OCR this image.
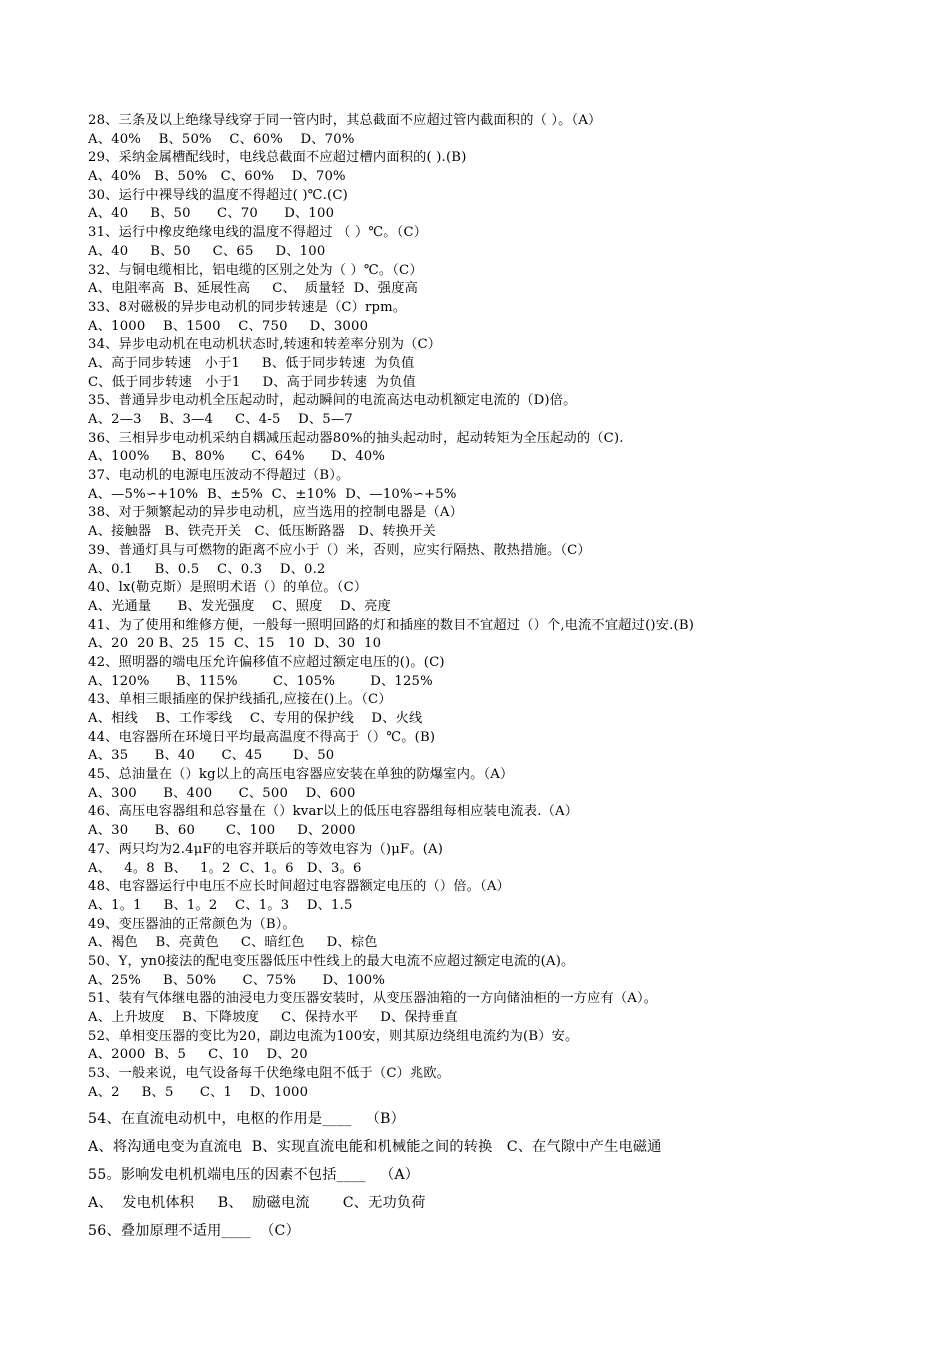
28、三条及以上绝缘导线穿于同一管内时，其总截面不应超过管内截面积的（ ）。（A）
A、40%    B、50%    C、60%    D、70%
29、采纳金属槽配线时，电线总截面不应超过槽内面积的( ).(B)
A、40%   B、50%   C、60%    D、70%
30、运行中裸导线的温度不得超过( )℃.(C)
A、40     B、50      C、70      D、100
31、运行中橡皮绝缘电线的温度不得超过 （ ）℃。（C）
A、40     B、50     C、65     D、100
32、与铜电缆相比，铝电缆的区别之处为（ ）℃。（C）
A、电阻率高  B、延展性高     C、  质量轻  D、强度高
33、8对磁极的异步电动机的同步转速是（C）rpm。
A、1000    B、1500    C、750     D、3000
34、异步电动机在电动机状态时,转速和转差率分别为（C）
A、高于同步转速   小于1     B、低于同步转速  为负值
C、低于同步转速   小于1     D、高于同步转速  为负值
35、普通异步电动机全压起动时，起动瞬间的电流高达电动机额定电流的（D)倍。
A、2—3    B、3—4     C、4-5    D、5—7
36、三相异步电动机采纳自耦减压起动器80%的抽头起动时，起动转矩为全压起动的（C).
A、100%     B、80%      C、64%      D、40%
37、电动机的电源电压波动不得超过（B）。
A、—5%∽+10%  B、±5%  C、±10%  D、—10%∽+5%
38、对于频繁起动的异步电动机，应当选用的控制电器是（A）
A、接触器   B、铁壳开关   C、低压断路器   D、转换开关
39、普通灯具与可燃物的距离不应小于（）米，否则，应实行隔热、散热措施。（C）
A、0.1     B、0.5    C、0.3    D、0.2
40、lx(勒克斯）是照明术语（）的单位。（C）
A、光通量      B、发光强度    C、照度    D、亮度
41、为了使用和维修方便，一般每一照明回路的灯和插座的数目不宜超过（）个,电流不宜超过()安.(B)
A、20  20 B、25  15  C、15   10  D、30  10
42、照明器的端电压允许偏移值不应超过额定电压的()。(C)
A、120%      B、115%        C、105%        D、125%
43、单相三眼插座的保护线插孔,应接在()上。（C）
A、相线    B、工作零线    C、专用的保护线    D、火线
44、电容器所在环境日平均最高温度不得高于（）℃。(B)
A、35      B、40      C、45       D、50
45、总油量在（）kg以上的高压电容器应安装在单独的防爆室内。（A）
A、300      B、400      C、500    D、600
46、高压电容器组和总容量在（）kvar以上的低压电容器组每相应装电流表.（A）
A、30      B、60       C、100     D、2000
47、两只均为2.4μF的电容并联后的等效电容为（)μF。(A)
A、   4。8  B、   1。2  C、1。6   D、3。6
48、电容器运行中电压不应长时间超过电容器额定电压的（）倍。（A）
A、1。1     B、1。2    C、1。3    D、1.5
49、变压器油的正常颜色为（B）。
A、褐色    B、亮黄色     C、暗红色     D、棕色
50、Y，yn0接法的配电变压器低压中性线上的最大电流不应超过额定电流的(A)。
A、25%     B、50%      C、75%      D、100%
51、装有气体继电器的油浸电力变压器安装时，从变压器油箱的一方向储油柜的一方应有（A）。
A、上升坡度    B、下降坡度     C、保持水平     D、保持垂直
52、单相变压器的变比为20，副边电流为100安，则其原边绕组电流约为(B）安。
A、2000  B、5     C、10    D、20
53、一般来说，电气设备每千伏绝缘电阻不低于（C）兆欧。
A、2     B、5      C、1    D、1000
54、在直流电动机中，电枢的作用是____   （B）
A、将沟通电变为直流电  B、实现直流电能和机械能之间的转换   C、在气隙中产生电磁通
55。影响发电机机端电压的因素不包括____   （A）
A、  发电机体积     B、  励磁电流       C、无功负荷
56、叠加原理不适用____  （C）
